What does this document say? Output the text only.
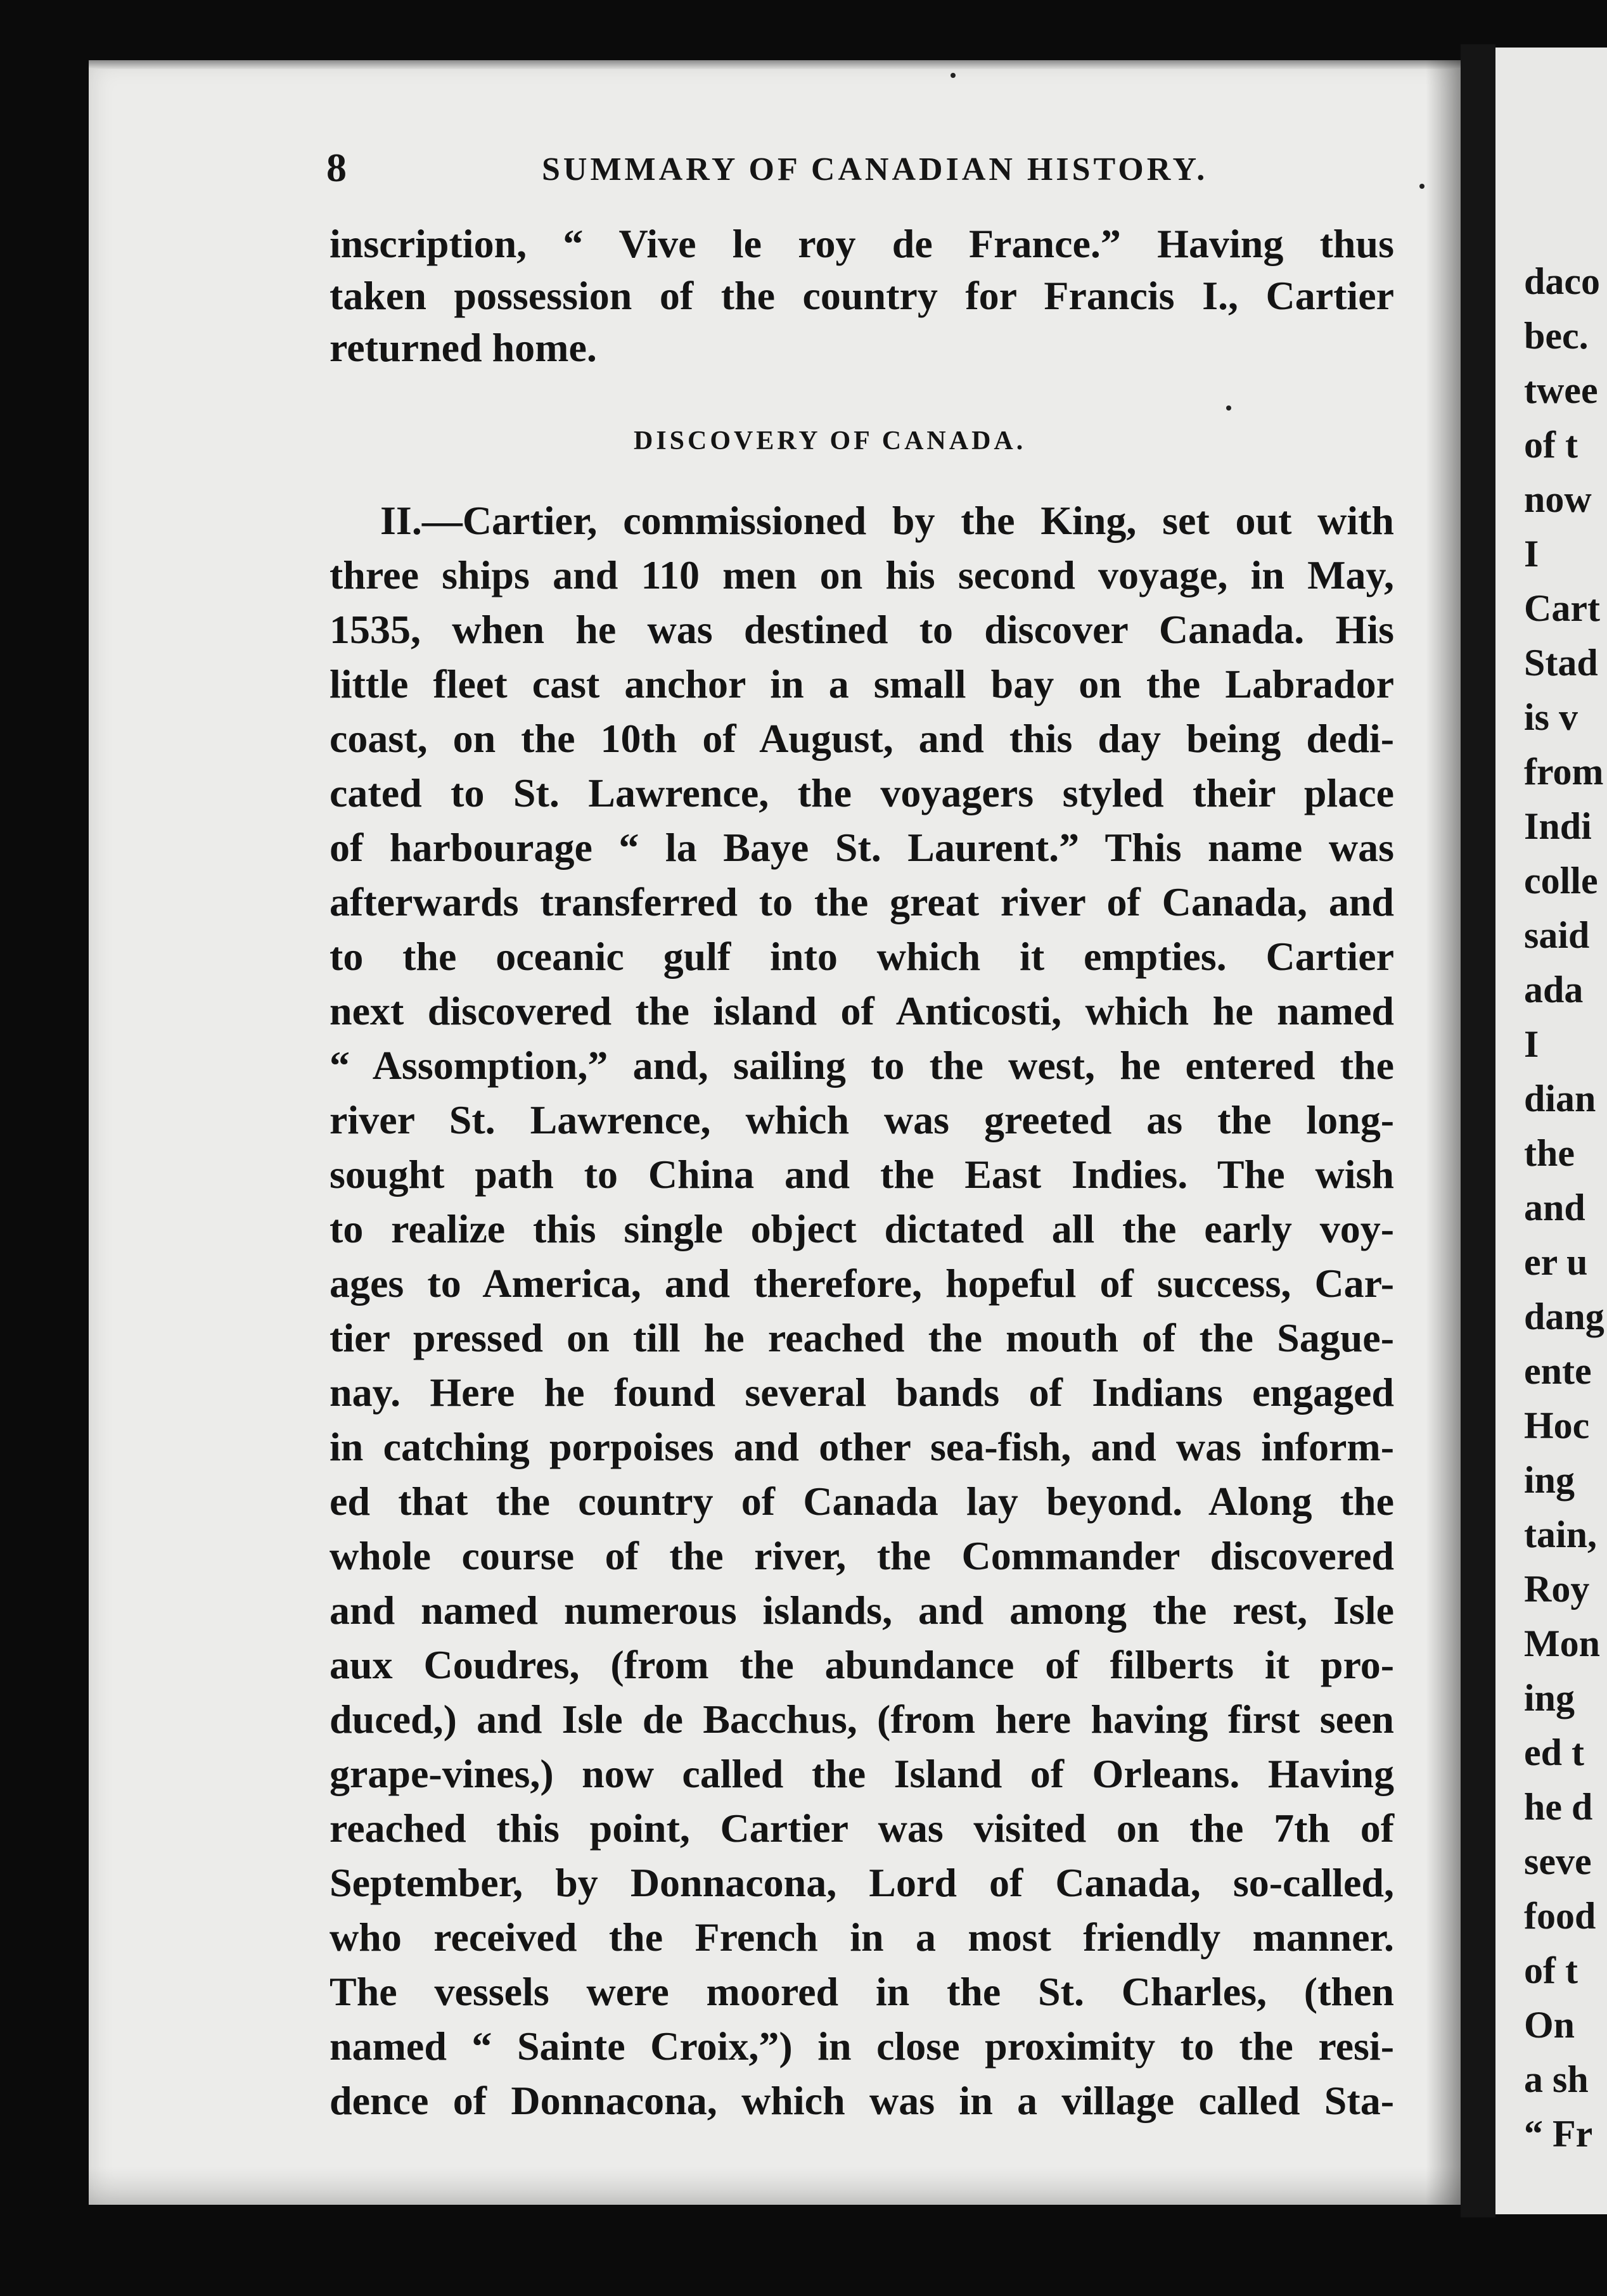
daco
bec.
twee
of t
now
I
Cart
Stad
is v
from
Indi
colle
said
ada
I
dian
the
and
er u
dang
ente
Hoc
ing
tain,
Roy
Mon
ing
ed t
he d
seve
food
of t
On
a sh
“ Fr
8	SUMMARY OF CANADIAN HISTORY.
inscription, “ Vive le roy de France.” Having thus
taken possession of the country for Francis I., Cartier
returned home.
DISCOVERY OF CANADA.
II.—Cartier, commissioned by the King, set out with
three ships and 110 men on his second voyage, in May,
1535, when he was destined to discover Canada. His
little fleet cast anchor in a small bay on the Labrador
coast, on the 10th of August, and this day being dedi-
cated to St. Lawrence, the voyagers styled their place
of harbourage “ la Baye St. Laurent.” This name was
afterwards transferred to the great river of Canada, and
to the oceanic gulf into which it empties. Cartier
next discovered the island of Anticosti, which he named
“ Assomption,” and, sailing to the west, he entered the
river St. Lawrence, which was greeted as the long-
sought path to China and the East Indies. The wish
to realize this single object dictated all the early voy-
ages to America, and therefore, hopeful of success, Car-
tier pressed on till he reached the mouth of the Sague-
nay. Here he found several bands of Indians engaged
in catching porpoises and other sea-fish, and was inform-
ed that the country of Canada lay beyond. Along the
whole course of the river, the Commander discovered
and named numerous islands, and among the rest, Isle
aux Coudres, (from the abundance of filberts it pro-
duced,) and Isle de Bacchus, (from here having first seen
grape-vines,) now called the Island of Orleans. Having
reached this point, Cartier was visited on the 7th of
September, by Donnacona, Lord of Canada, so-called,
who received the French in a most friendly manner.
The vessels were moored in the St. Charles, (then
named “ Sainte Croix,”) in close proximity to the resi-
dence of Donnacona, which was in a village called Sta-
